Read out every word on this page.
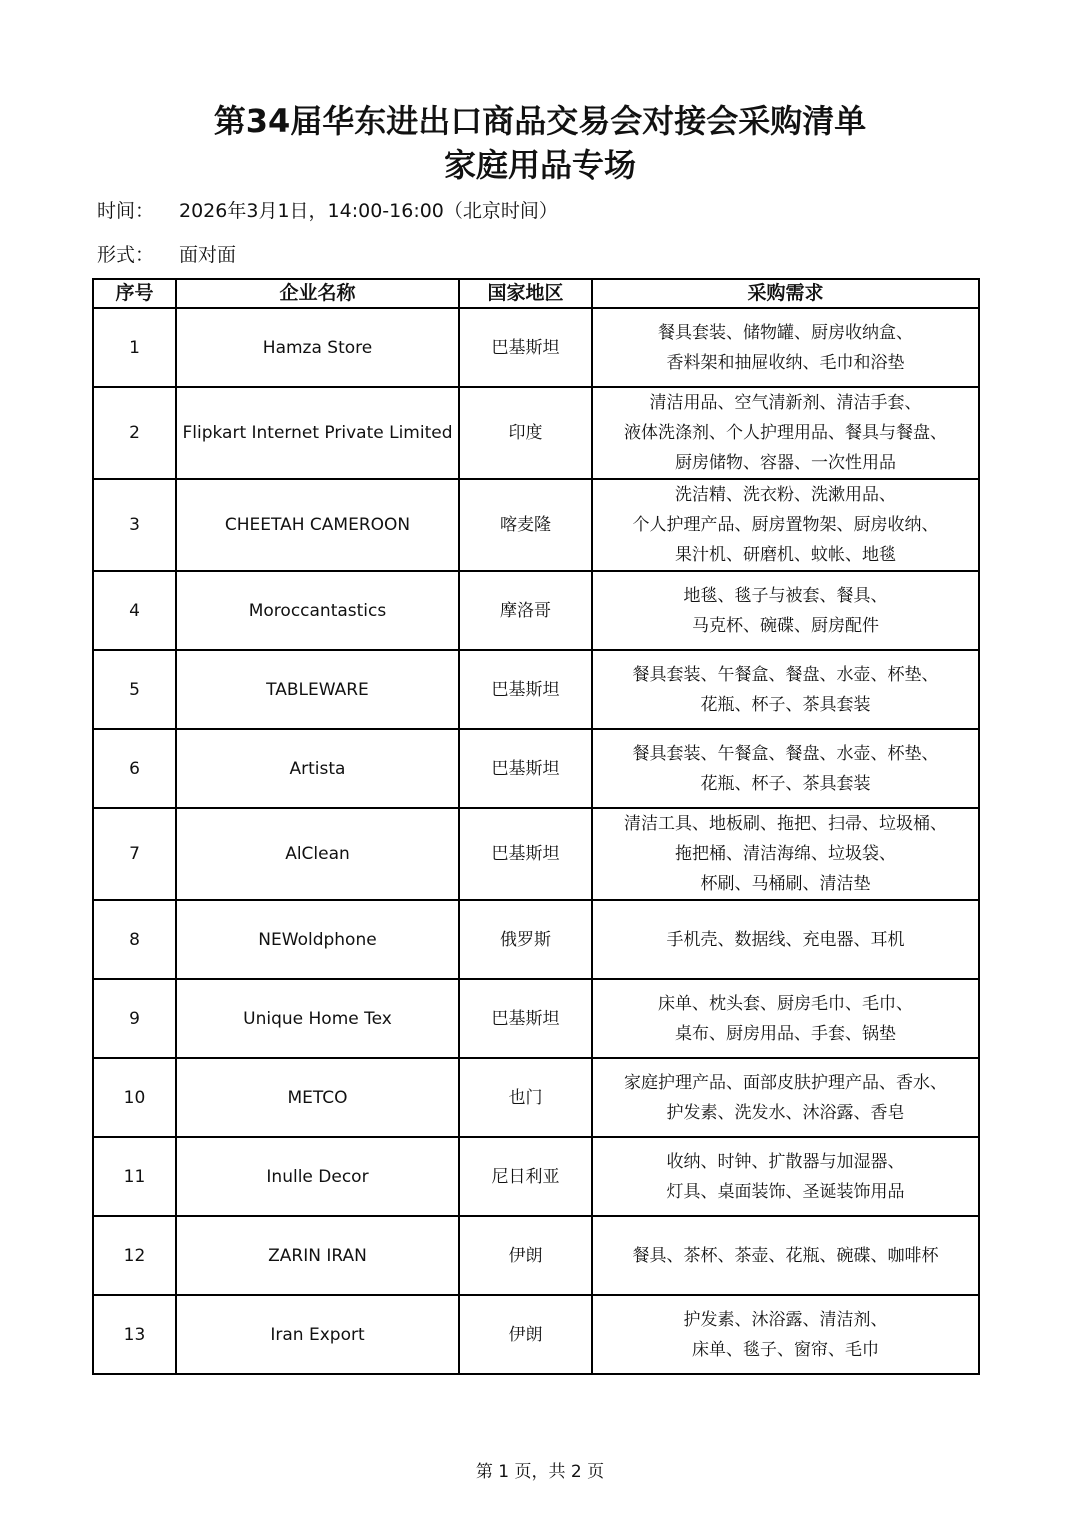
第34届华东进出口商品交易会对接会采购清单
家庭用品专场
时间： 2026年3月1日，14:00-16:00（北京时间）
形式： 面对面
序号	企业名称	国家地区	采购需求
1	Hamza Store	巴基斯坦	餐具套装、储物罐、厨房收纳盒、
香料架和抽屉收纳、毛巾和浴垫

2	Flipkart Internet Private Limited	印度	清洁用品、空气清新剂、清洁手套、
液体洗涤剂、个人护理用品、餐具与餐盘、
厨房储物、容器、一次性用品

3	CHEETAH CAMEROON	喀麦隆	洗洁精、洗衣粉、洗漱用品、
个人护理产品、厨房置物架、厨房收纳、
果汁机、研磨机、蚊帐、地毯

4	Moroccantastics	摩洛哥	地毯、毯子与被套、餐具、
马克杯、碗碟、厨房配件

5	TABLEWARE	巴基斯坦	餐具套装、午餐盒、餐盘、水壶、杯垫、
花瓶、杯子、茶具套装

6	Artista	巴基斯坦	餐具套装、午餐盒、餐盘、水壶、杯垫、
花瓶、杯子、茶具套装

7	AlClean	巴基斯坦	清洁工具、地板刷、拖把、扫帚、垃圾桶、
拖把桶、清洁海绵、垃圾袋、
杯刷、马桶刷、清洁垫

8	NEWoldphone	俄罗斯	手机壳、数据线、充电器、耳机

9	Unique Home Tex	巴基斯坦	床单、枕头套、厨房毛巾、毛巾、
桌布、厨房用品、手套、锅垫

10	METCO	也门	家庭护理产品、面部皮肤护理产品、香水、
护发素、洗发水、沐浴露、香皂

11	Inulle Decor	尼日利亚	收纳、时钟、扩散器与加湿器、
灯具、桌面装饰、圣诞装饰用品

12	ZARIN IRAN	伊朗	餐具、茶杯、茶壶、花瓶、碗碟、咖啡杯

13	Iran Export	伊朗	护发素、沐浴露、清洁剂、
床单、毯子、窗帘、毛巾
第 1 页，共 2 页
